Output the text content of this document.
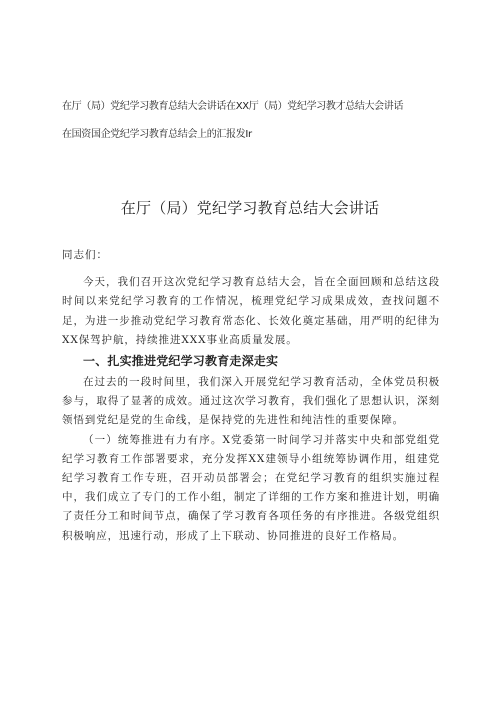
在厅（局）党纪学习教育总结大会讲话在XX厅（局）党纪学习教才总结大会讲话
在国资国企党纪学习教育总结会上的汇报发Ir
在厅（局）党纪学习教育总结大会讲话

同志们：

今天，我们召开这次党纪学习教育总结大会，旨在全面回顾和总结这段时间以来党纪学习教育的工作情况，梳理党纪学习成果成效，查找问题不足，为进一步推动党纪学习教育常态化、长效化奠定基础，用严明的纪律为XX保驾护航，持续推进XXX事业高质量发展。

一、扎实推进党纪学习教育走深走实

在过去的一段时间里，我们深入开展党纪学习教育活动，全体党员积极参与，取得了显著的成效。通过这次学习教育，我们强化了思想认识，深刻领悟到党纪是党的生命线，是保持党的先进性和纯洁性的重要保障。

（一）统筹推进有力有序。X党委第一时间学习并落实中央和部党组党纪学习教育工作部署要求，充分发挥XX建领导小组统筹协调作用，组建党纪学习教育工作专班，召开动员部署会；在党纪学习教育的组织实施过程中，我们成立了专门的工作小组，制定了详细的工作方案和推进计划，明确了责任分工和时间节点，确保了学习教育各项任务的有序推进。各级党组织积极响应，迅速行动，形成了上下联动、协同推进的良好工作格局。
